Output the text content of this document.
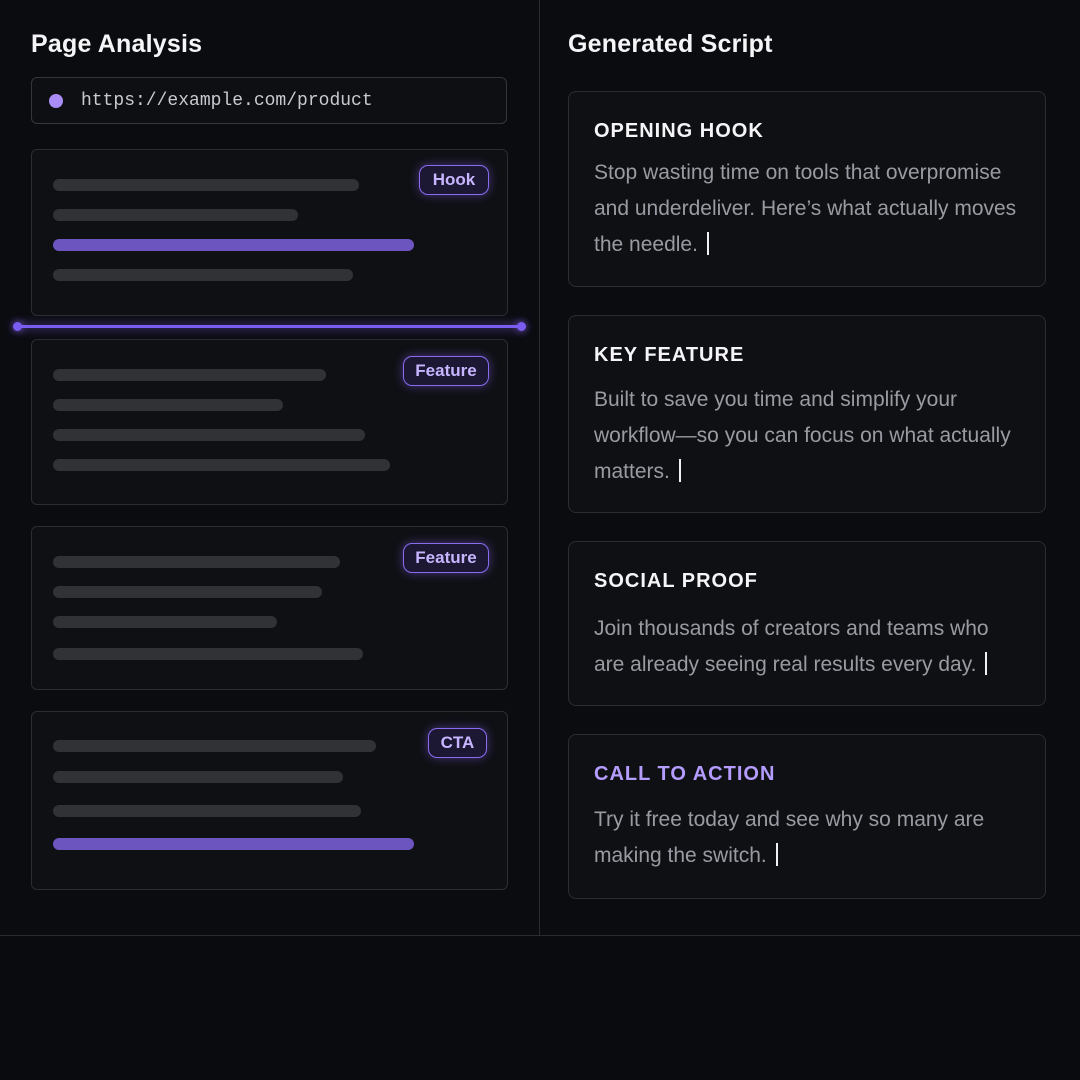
Page Analysis
https://example.com/product
Hook
Feature
Feature
CTA
Generated Script
OPENING HOOK
Stop wasting time on tools that overpromise and underdeliver. Here’s what actually moves the needle.
KEY FEATURE
Built to save you time and simplify your workflow—so you can focus on what actually matters.
SOCIAL PROOF
Join thousands of creators and teams who are already seeing real results every day.
CALL TO ACTION
Try it free today and see why so many are making the switch.
